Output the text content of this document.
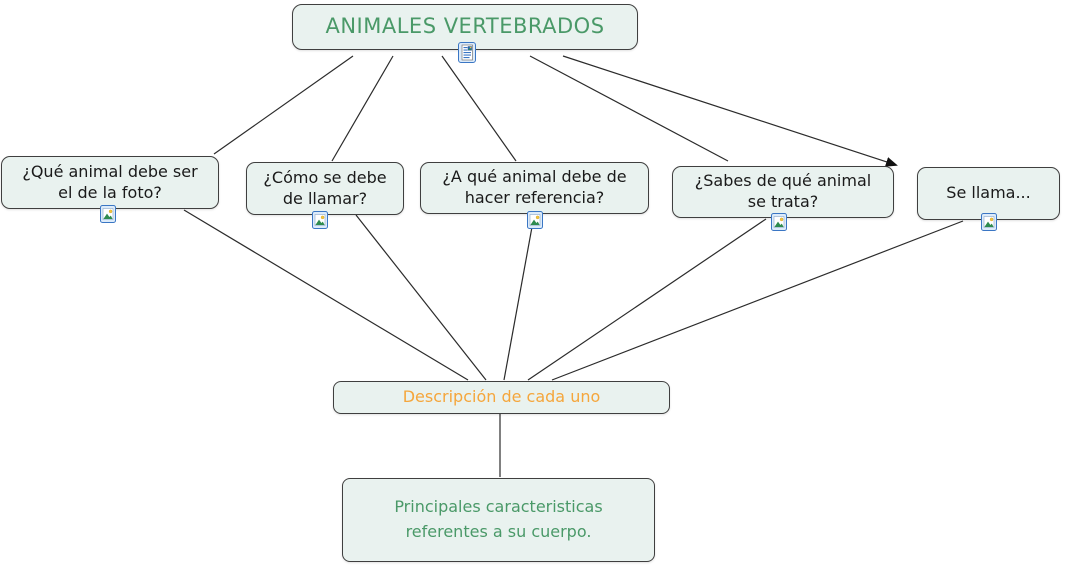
ANIMALES VERTEBRADOS
¿Qué animal debe ser
el de la foto?
¿Cómo se debe
de llamar?
¿A qué animal debe de
hacer referencia?
¿Sabes de qué animal
se trata?	Se llama...
Descripción de cada uno
Principales caracteristicas
referentes a su cuerpo.
